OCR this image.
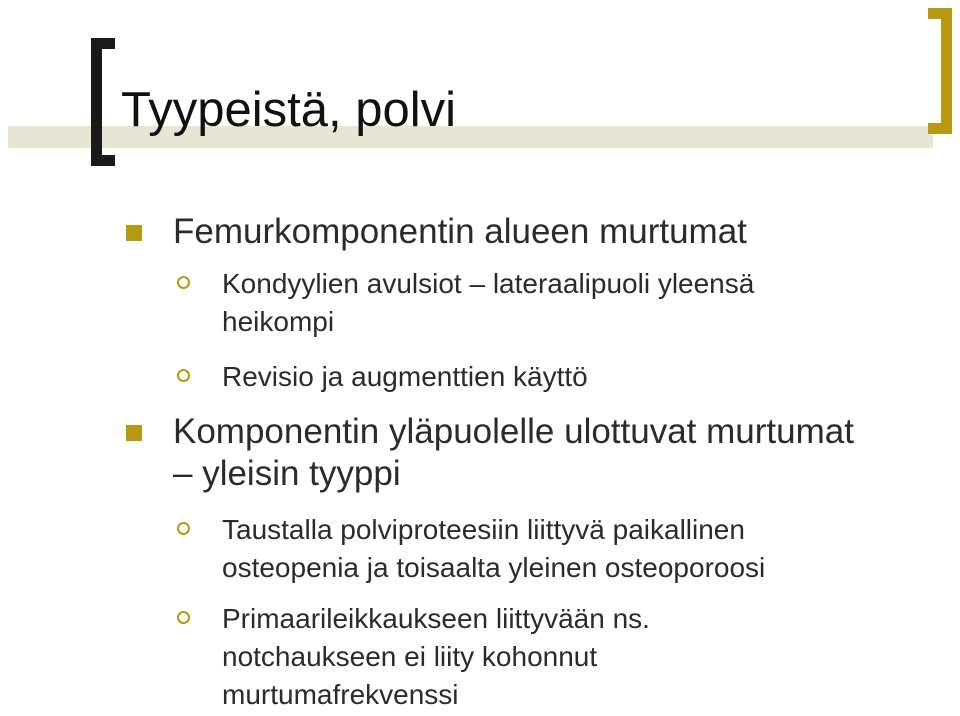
Tyypeistä, polvi
Femurkomponentin alueen murtumat
Kondyylien avulsiot – lateraalipuoli yleensä
heikompi
Revisio ja augmenttien käyttö
Komponentin yläpuolelle ulottuvat murtumat
– yleisin tyyppi
Taustalla polviproteesiin liittyvä paikallinen
osteopenia ja toisaalta yleinen osteoporoosi
Primaarileikkaukseen liittyvään ns.
notchaukseen ei liity kohonnut
murtumafrekvenssi
